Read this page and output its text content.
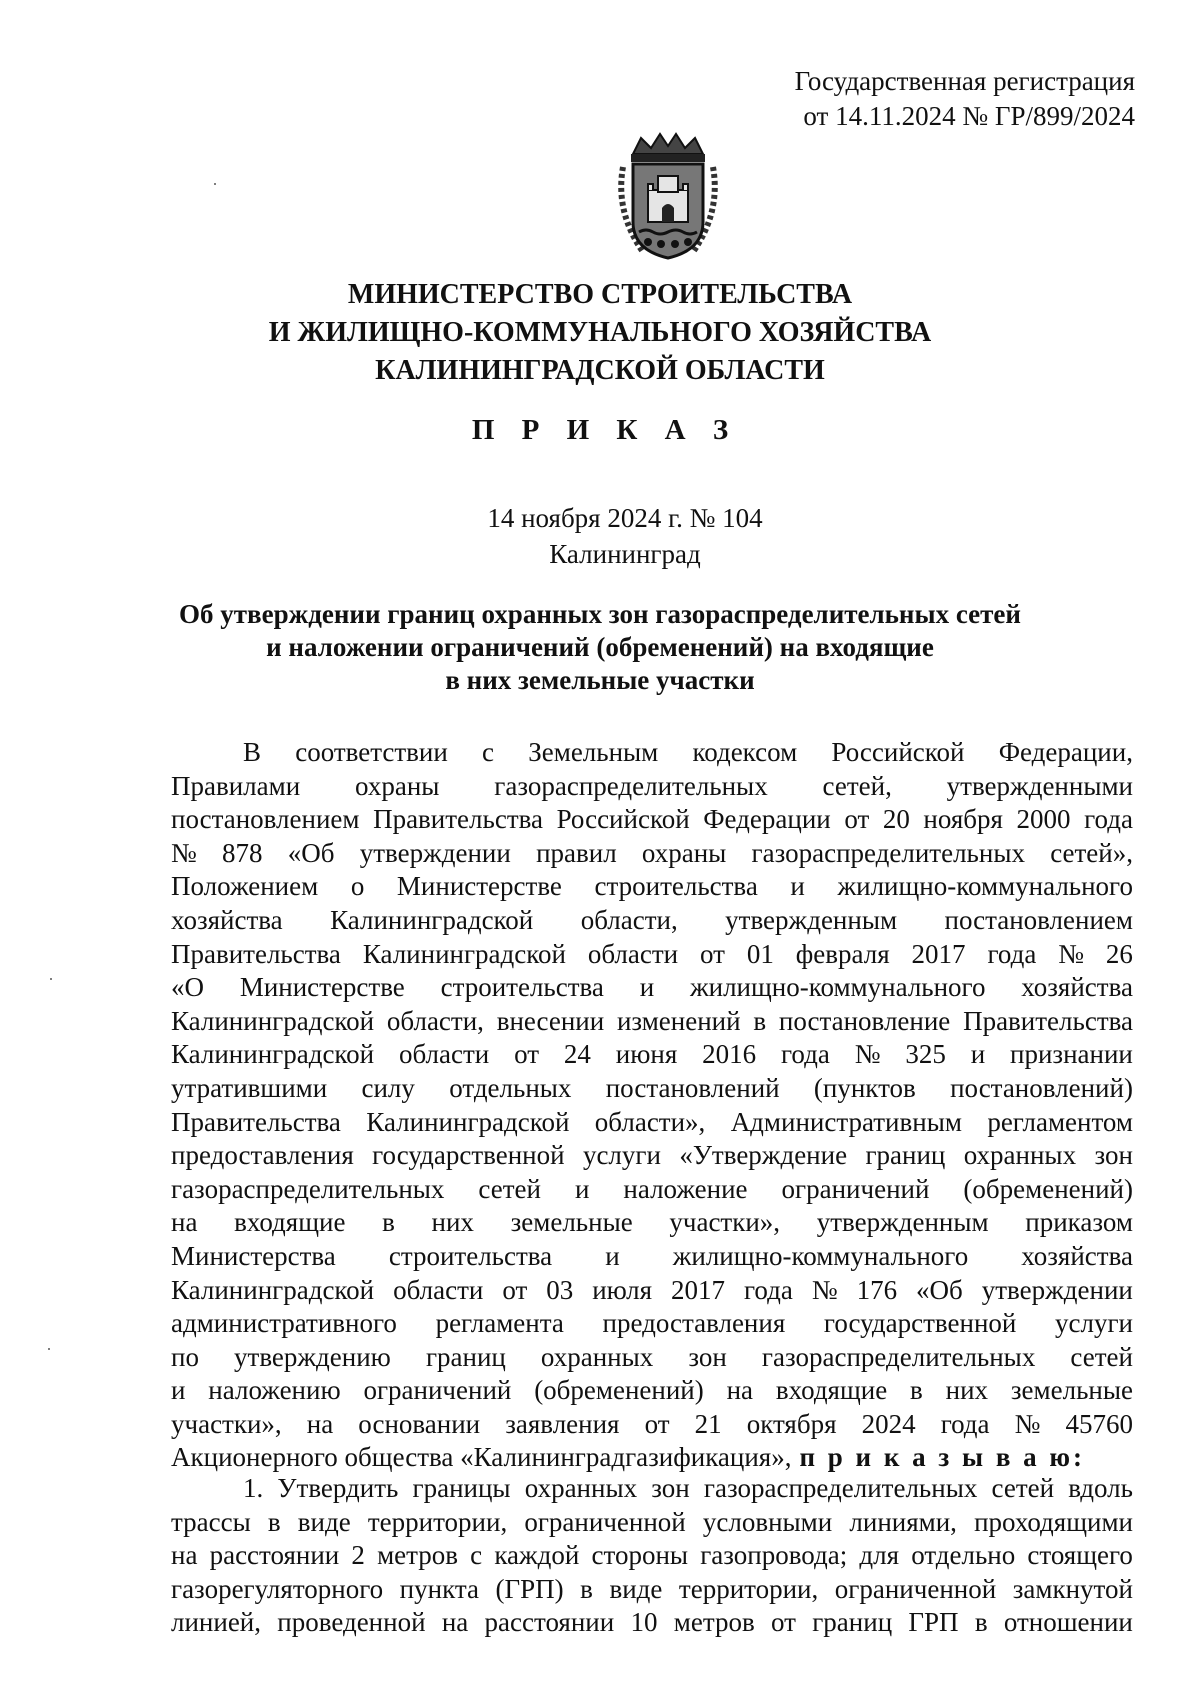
Государственная регистрация
от 14.11.2024 № ГР/899/2024
МИНИСТЕРСТВО СТРОИТЕЛЬСТВА
И ЖИЛИЩНО-КОММУНАЛЬНОГО ХОЗЯЙСТВА
КАЛИНИНГРАДСКОЙ ОБЛАСТИ
П Р И К А З
14 ноября 2024 г. № 104
Калининград
Об утверждении границ охранных зон газораспределительных сетей
и наложении ограничений (обременений) на входящие
в них земельные участки
В соответствии с Земельным кодексом Российской Федерации,
Правилами охраны газораспределительных сетей, утвержденными
постановлением Правительства Российской Федерации от 20 ноября 2000 года
№ 878 «Об утверждении правил охраны газораспределительных сетей»,
Положением о Министерстве строительства и жилищно-коммунального
хозяйства Калининградской области, утвержденным постановлением
Правительства Калининградской области от 01 февраля 2017 года № 26
«О Министерстве строительства и жилищно-коммунального хозяйства
Калининградской области, внесении изменений в постановление Правительства
Калининградской области от 24 июня 2016 года № 325 и признании
утратившими силу отдельных постановлений (пунктов постановлений)
Правительства Калининградской области», Административным регламентом
предоставления государственной услуги «Утверждение границ охранных зон
газораспределительных сетей и наложение ограничений (обременений)
на входящие в них земельные участки», утвержденным приказом
Министерства строительства и жилищно-коммунального хозяйства
Калининградской области от 03 июля 2017 года № 176 «Об утверждении
административного регламента предоставления государственной услуги
по утверждению границ охранных зон газораспределительных сетей
и наложению ограничений (обременений) на входящие в них земельные
участки», на основании заявления от 21 октября 2024 года № 45760
Акционерного общества «Калининградгазификация», п р и к а з ы в а ю:
1. Утвердить границы охранных зон газораспределительных сетей вдоль
трассы в виде территории, ограниченной условными линиями, проходящими
на расстоянии 2 метров с каждой стороны газопровода; для отдельно стоящего
газорегуляторного пункта (ГРП) в виде территории, ограниченной замкнутой
линией, проведенной на расстоянии 10 метров от границ ГРП в отношении
